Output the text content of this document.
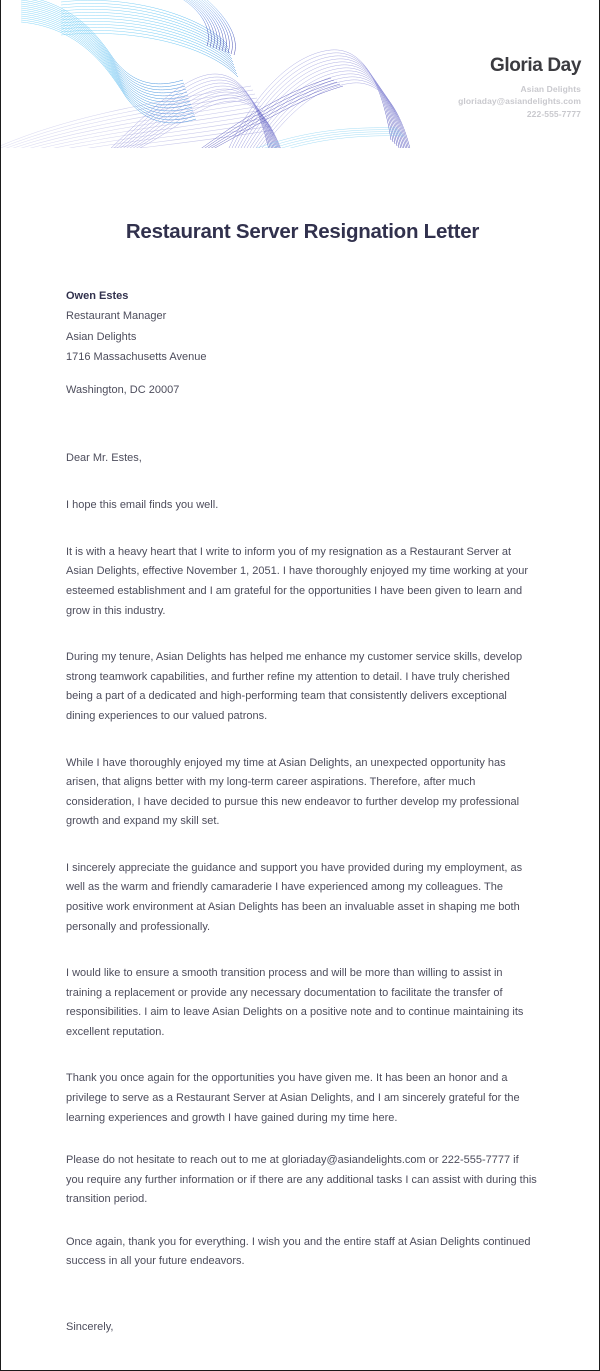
Gloria Day
Asian Delights
gloriaday@asiandelights.com
222-555-7777
Restaurant Server Resignation Letter
Owen Estes
Restaurant Manager
Asian Delights
1716 Massachusetts Avenue
Washington, DC 20007

Dear Mr. Estes,

I hope this email finds you well.

It is with a heavy heart that I write to inform you of my resignation as a Restaurant Server at Asian Delights, effective November 1, 2051. I have thoroughly enjoyed my time working at your esteemed establishment and I am grateful for the opportunities I have been given to learn and grow in this industry.

During my tenure, Asian Delights has helped me enhance my customer service skills, develop strong teamwork capabilities, and further refine my attention to detail. I have truly cherished being a part of a dedicated and high-performing team that consistently delivers exceptional dining experiences to our valued patrons.

While I have thoroughly enjoyed my time at Asian Delights, an unexpected opportunity has arisen, that aligns better with my long-term career aspirations. Therefore, after much consideration, I have decided to pursue this new endeavor to further develop my professional growth and expand my skill set.

I sincerely appreciate the guidance and support you have provided during my employment, as well as the warm and friendly camaraderie I have experienced among my colleagues. The positive work environment at Asian Delights has been an invaluable asset in shaping me both personally and professionally.

I would like to ensure a smooth transition process and will be more than willing to assist in training a replacement or provide any necessary documentation to facilitate the transfer of responsibilities. I aim to leave Asian Delights on a positive note and to continue maintaining its excellent reputation.

Thank you once again for the opportunities you have given me. It has been an honor and a privilege to serve as a Restaurant Server at Asian Delights, and I am sincerely grateful for the learning experiences and growth I have gained during my time here.

Please do not hesitate to reach out to me at gloriaday@asiandelights.com or 222-555-7777 if you require any further information or if there are any additional tasks I can assist with during this transition period.

Once again, thank you for everything. I wish you and the entire staff at Asian Delights continued success in all your future endeavors.

Sincerely,
